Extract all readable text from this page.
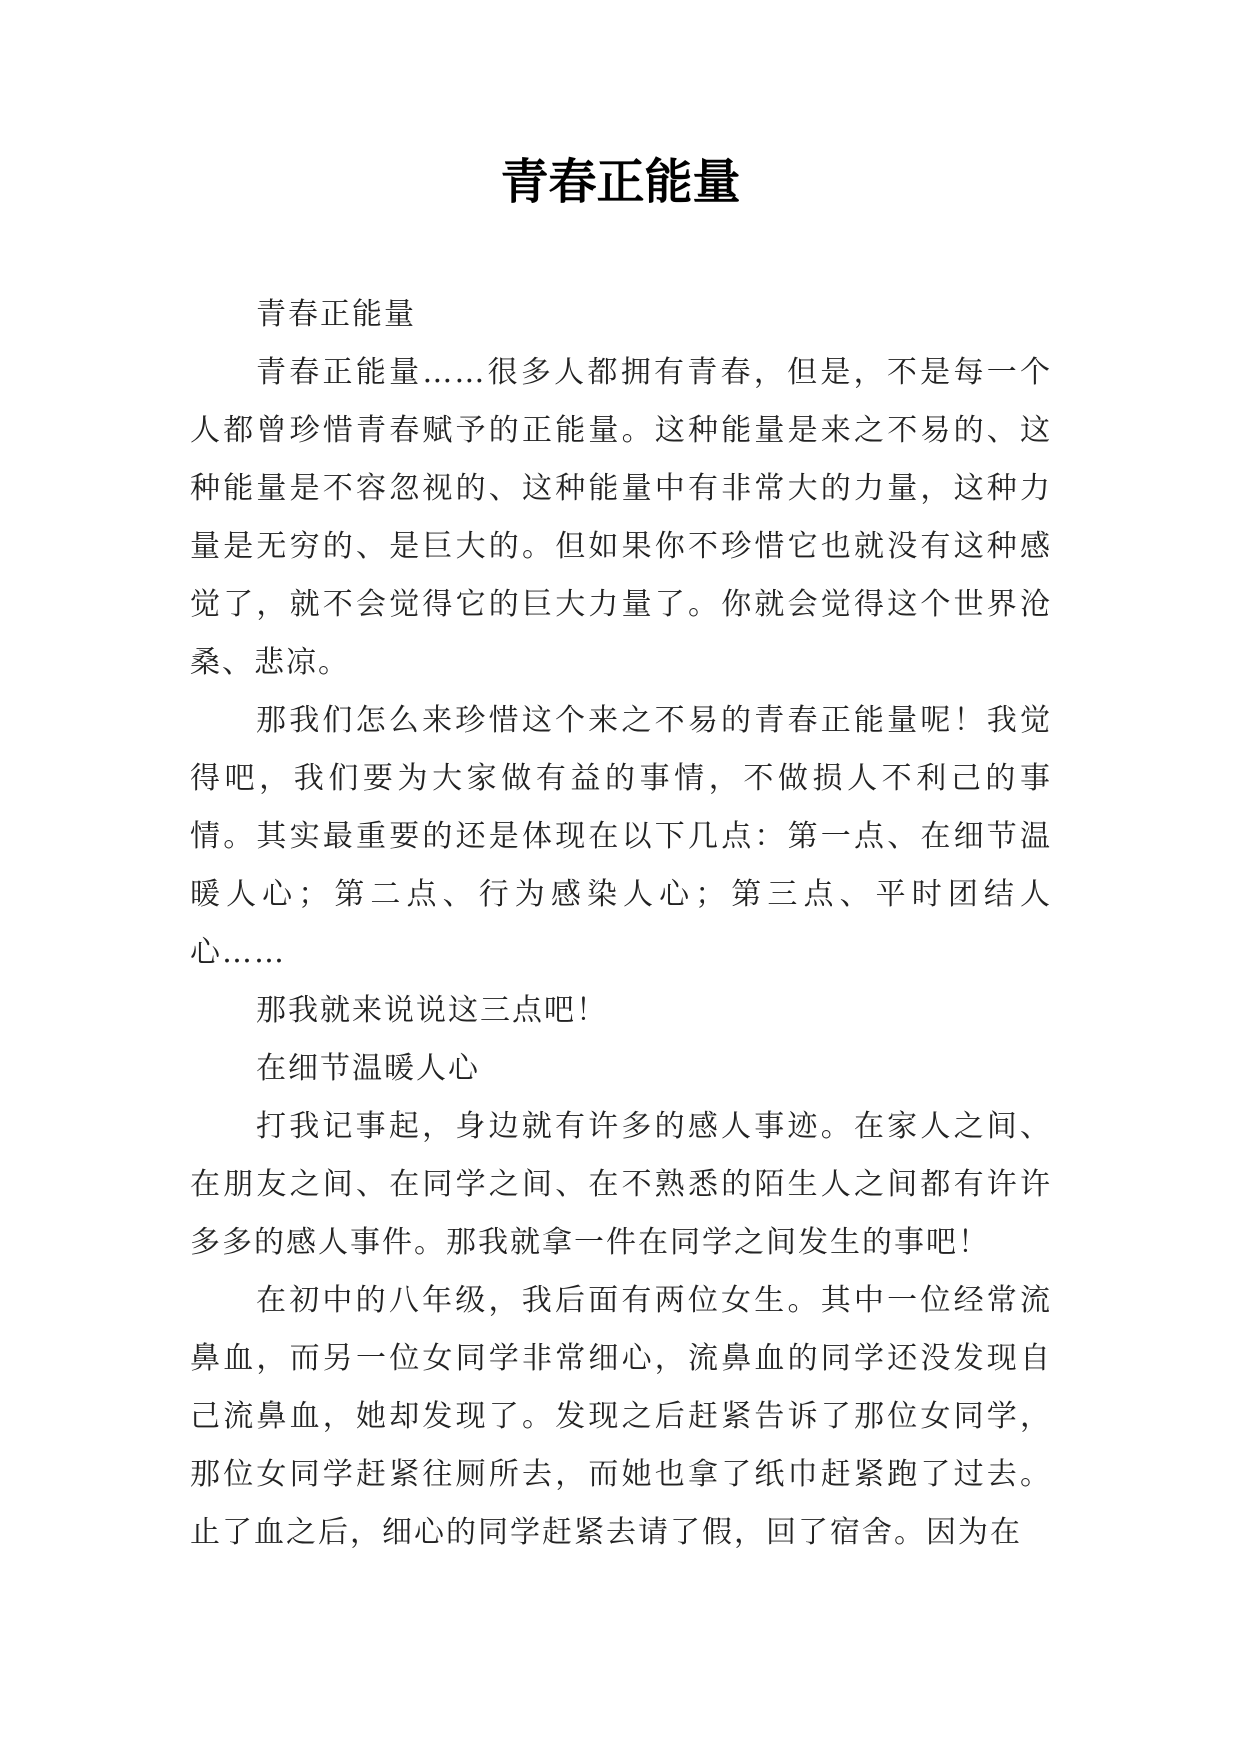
青春正能量

青春正能量

青春正能量……很多人都拥有青春，但是，不是每一个人都曾珍惜青春赋予的正能量。这种能量是来之不易的、这种能量是不容忽视的、这种能量中有非常大的力量，这种力量是无穷的、是巨大的。但如果你不珍惜它也就没有这种感觉了，就不会觉得它的巨大力量了。你就会觉得这个世界沧桑、悲凉。

那我们怎么来珍惜这个来之不易的青春正能量呢！我觉得吧，我们要为大家做有益的事情，不做损人不利己的事情。其实最重要的还是体现在以下几点：第一点、在细节温暖人心；第二点、行为感染人心；第三点、平时团结人心……

那我就来说说这三点吧！

在细节温暖人心

打我记事起，身边就有许多的感人事迹。在家人之间、在朋友之间、在同学之间、在不熟悉的陌生人之间都有许许多多的感人事件。那我就拿一件在同学之间发生的事吧！

在初中的八年级，我后面有两位女生。其中一位经常流鼻血，而另一位女同学非常细心，流鼻血的同学还没发现自己流鼻血，她却发现了。发现之后赶紧告诉了那位女同学，那位女同学赶紧往厕所去，而她也拿了纸巾赶紧跑了过去。止了血之后，细心的同学赶紧去请了假，回了宿舍。因为在
